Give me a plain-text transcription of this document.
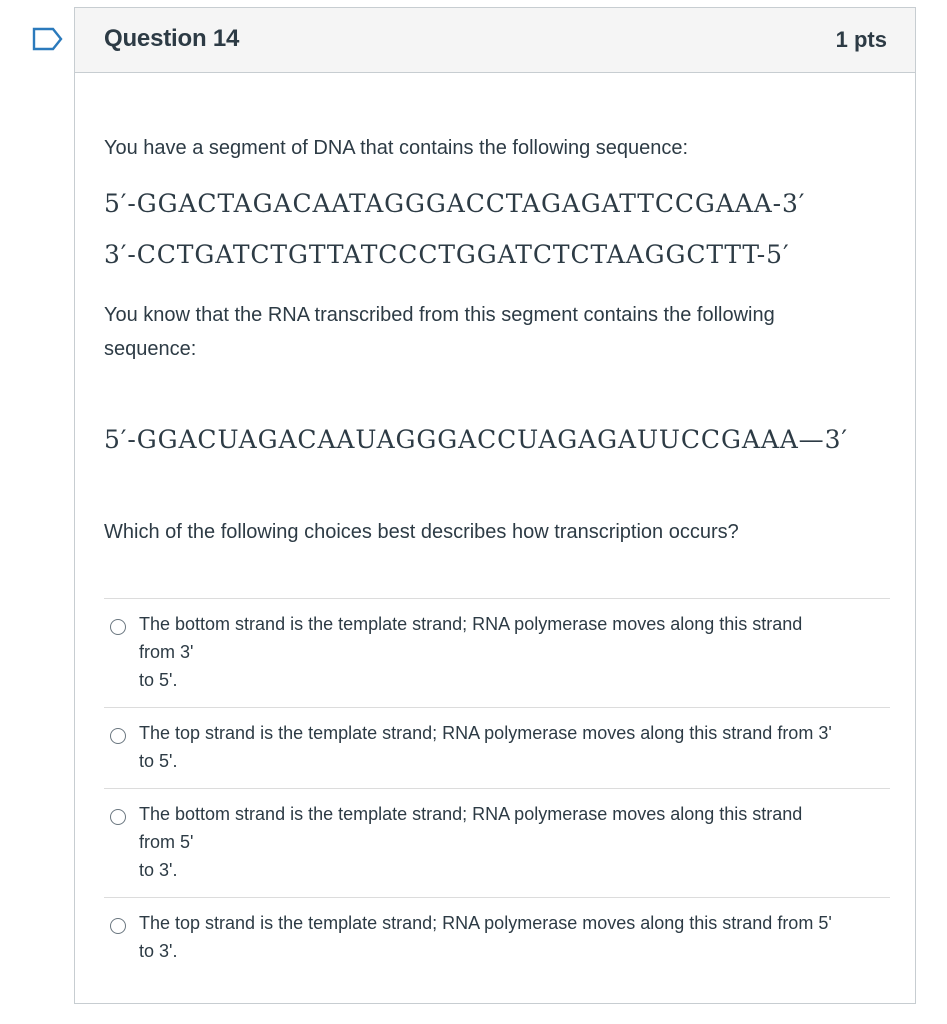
Question 14	1 pts
You have a segment of DNA that contains the following sequence:
5′-GGACTAGACAATAGGGACCTAGAGATTCCGAAA-3′
3′-CCTGATCTGTTATCCCTGGATCTCTAAGGCTTT-5′
You know that the RNA transcribed from this segment contains the following
sequence:
5′-GGACUAGACAAUAGGGACCUAGAGAUUCCGAAA—3′
Which of the following choices best describes how transcription occurs?
The bottom strand is the template strand; RNA polymerase moves along this strand
from 3'
to 5'.
The top strand is the template strand; RNA polymerase moves along this strand from 3'
to 5'.
The bottom strand is the template strand; RNA polymerase moves along this strand
from 5'
to 3'.
The top strand is the template strand; RNA polymerase moves along this strand from 5'
to 3'.
